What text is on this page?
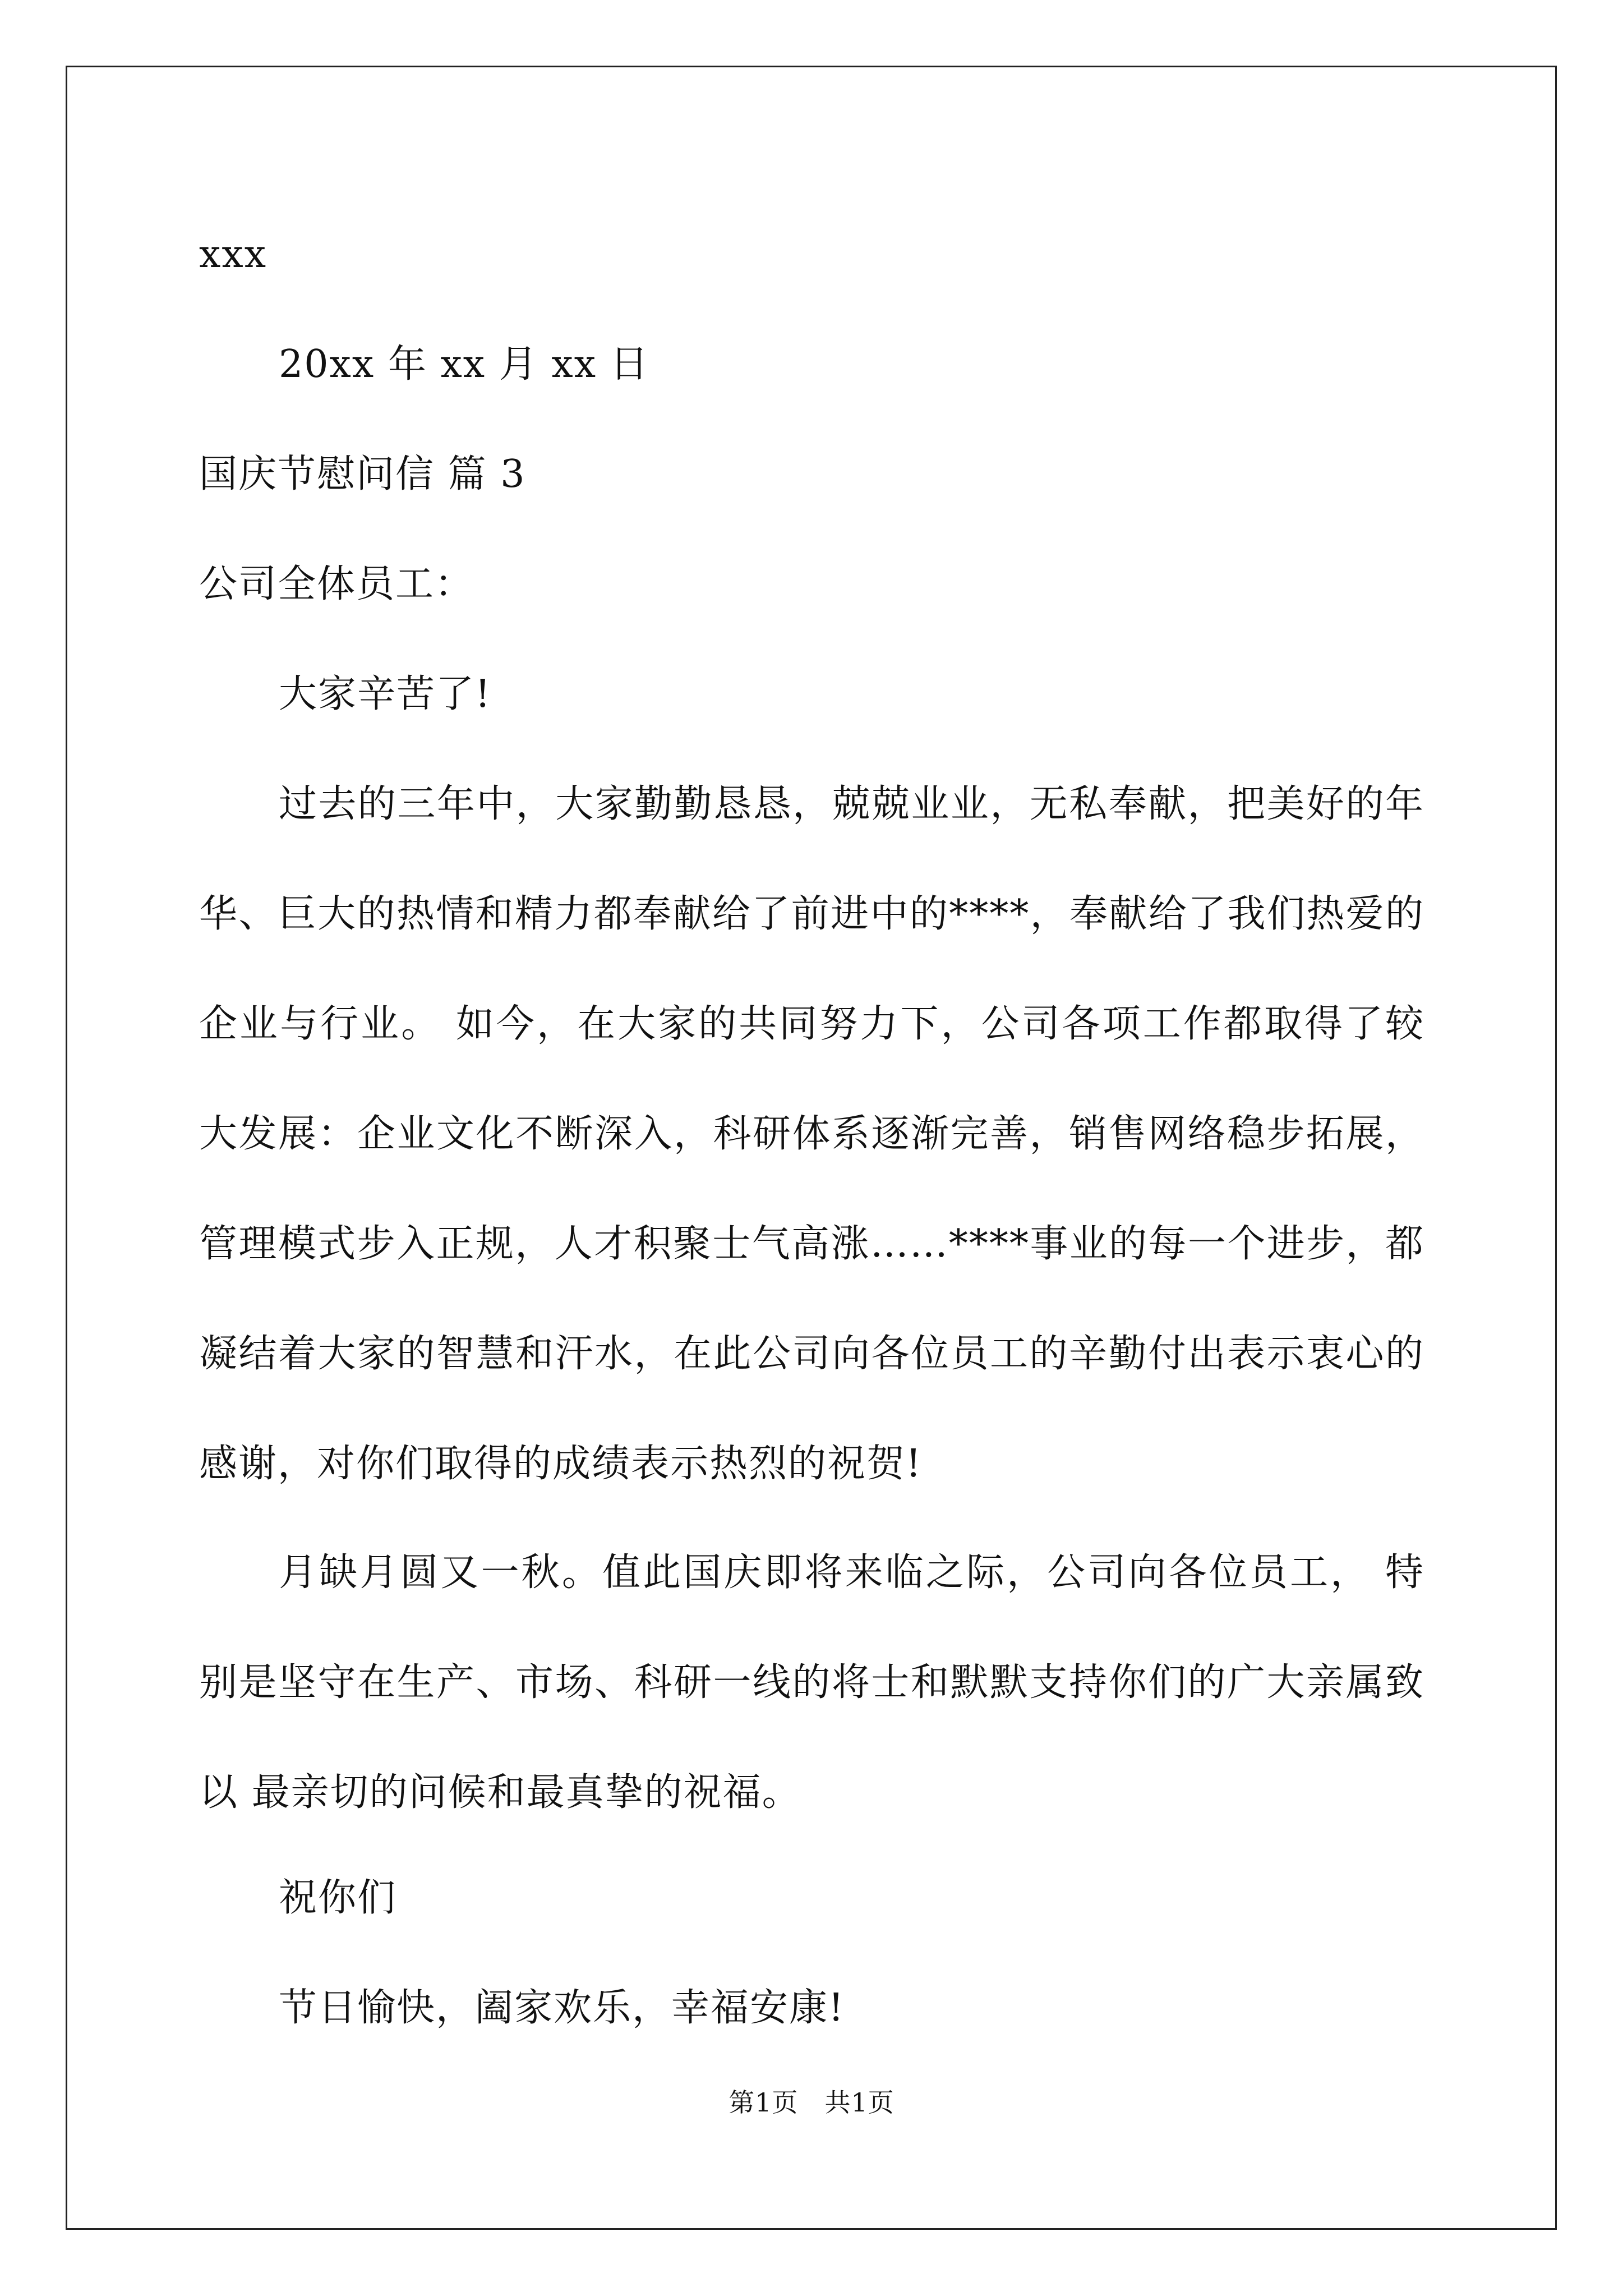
xxx
20xx 年 xx 月 xx 日
国庆节慰问信 篇 3
公司全体员工：
大家辛苦了!
过去的三年中，大家勤勤恳恳，兢兢业业，无私奉献，把美好的年华、巨大的热情和精力都奉献给了前进中的****，奉献给了我们热爱的企业与行业。 如今，在大家的共同努力下，公司各项工作都取得了较大发展：企业文化不断深入，科研体系逐渐完善，销售网络稳步拓展，管理模式步入正规，人才积聚士气高涨……****事业的每一个进步，都凝结着大家的智慧和汗水，在此公司向各位员工的辛勤付出表示衷心的感谢，对你们取得的成绩表示热烈的祝贺!
月缺月圆又一秋。值此国庆即将来临之际，公司向各位员工， 特别是坚守在生产、市场、科研一线的将士和默默支持你们的广大亲属致以 最亲切的问候和最真挚的祝福。
祝你们
节日愉快，阖家欢乐，幸福安康!
第1页　共1页
